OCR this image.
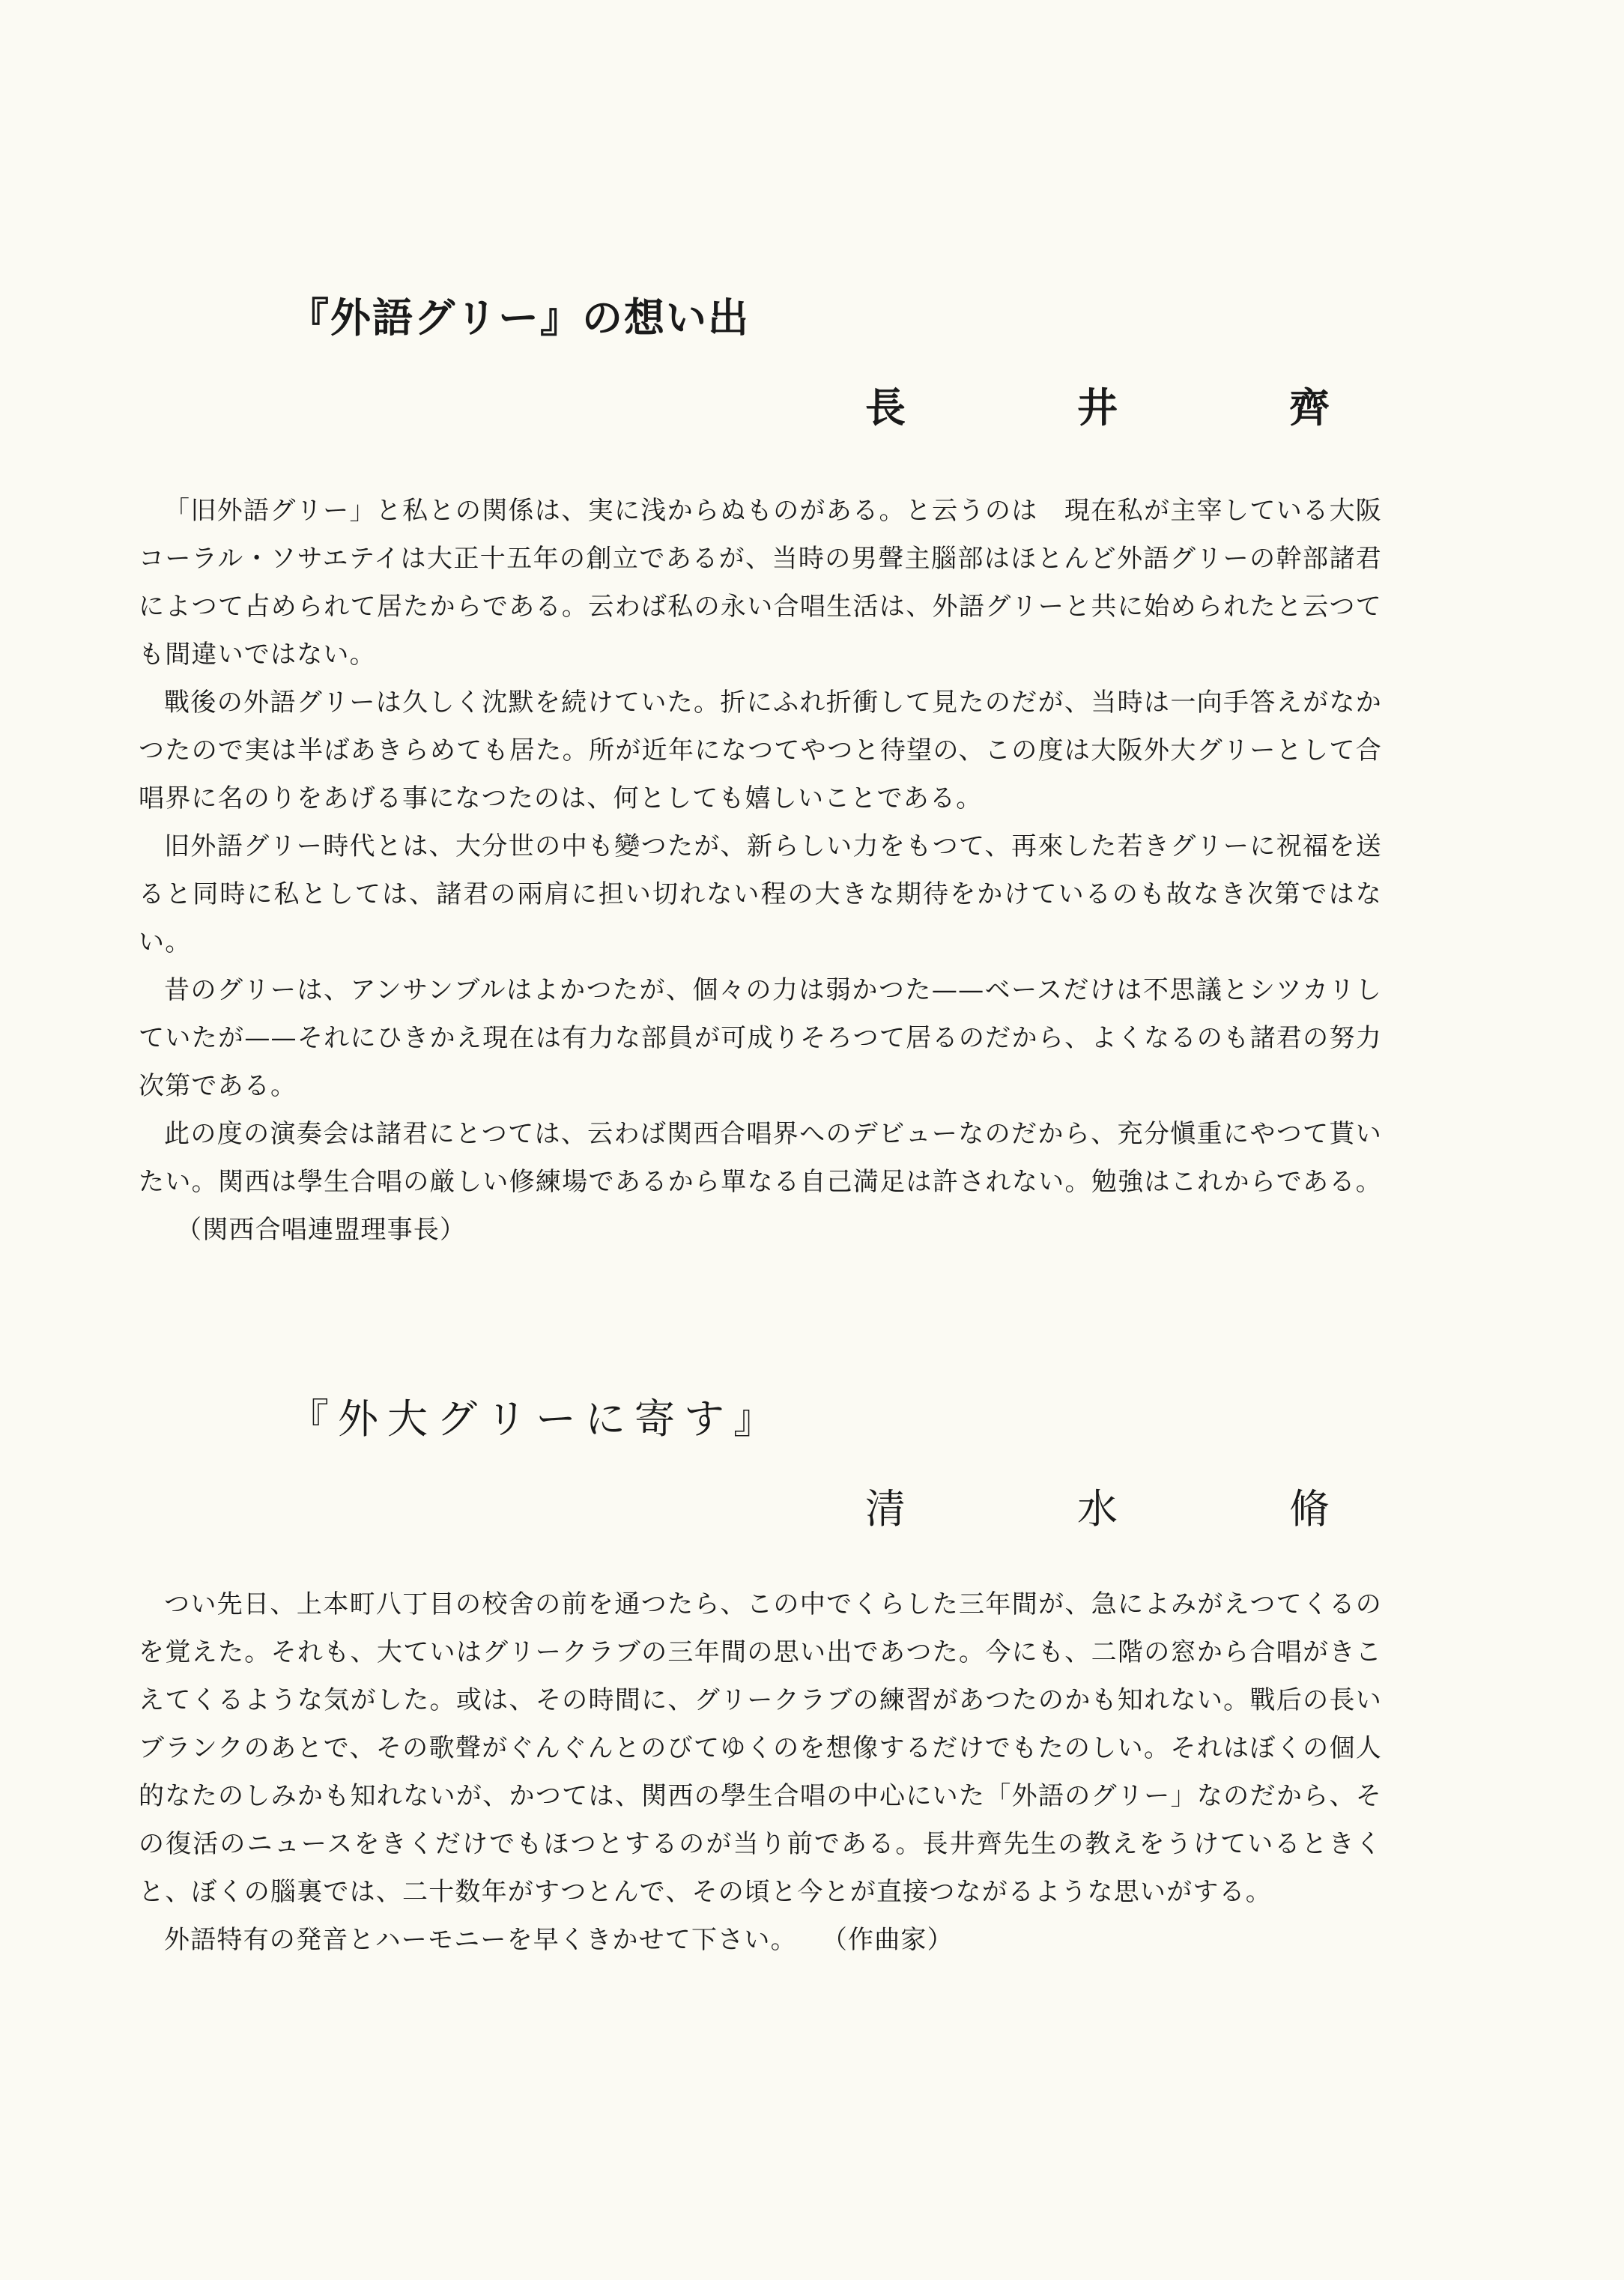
『外語グリー』の想い出
長	井	齊

「旧外語グリー」と私との関係は、実に浅からぬものがある。と云うのは　現在私が主宰している大阪コーラル・ソサエテイは大正十五年の創立であるが、当時の男聲主腦部はほとんど外語グリーの幹部諸君によつて占められて居たからである。云わば私の永い合唱生活は、外語グリーと共に始められたと云つても間違いではない。

戰後の外語グリーは久しく沈默を続けていた。折にふれ折衝して見たのだが、当時は一向手答えがなかつたので実は半ばあきらめても居た。所が近年になつてやつと待望の、この度は大阪外大グリーとして合唱界に名のりをあげる事になつたのは、何としても嬉しいことである。

旧外語グリー時代とは、大分世の中も變つたが、新らしい力をもつて、再來した若きグリーに祝福を送ると同時に私としては、諸君の兩肩に担い切れない程の大きな期待をかけているのも故なき次第ではない。

昔のグリーは、アンサンブルはよかつたが、個々の力は弱かつた——ベースだけは不思議とシツカリしていたが——それにひきかえ現在は有力な部員が可成りそろつて居るのだから、よくなるのも諸君の努力次第である。

此の度の演奏会は諸君にとつては、云わば関西合唱界へのデビューなのだから、充分愼重にやつて貰いたい。関西は學生合唱の厳しい修練場であるから單なる自己満足は許されない。勉強はこれからである。（関西合唱連盟理事長）

『外大グリーに寄す』
清	水	脩

つい先日、上本町八丁目の校舍の前を通つたら、この中でくらした三年間が、急によみがえつてくるのを覚えた。それも、大ていはグリークラブの三年間の思い出であつた。今にも、二階の窓から合唱がきこえてくるような気がした。或は、その時間に、グリークラブの練習があつたのかも知れない。戰后の長いブランクのあとで、その歌聲がぐんぐんとのびてゆくのを想像するだけでもたのしい。それはぼくの個人的なたのしみかも知れないが、かつては、関西の學生合唱の中心にいた「外語のグリー」なのだから、その復活のニュースをきくだけでもほつとするのが当り前である。長井齊先生の教えをうけているときくと、ぼくの腦裏では、二十数年がすつとんで、その頃と今とが直接つながるような思いがする。

外語特有の発音とハーモニーを早くきかせて下さい。 （作曲家）
